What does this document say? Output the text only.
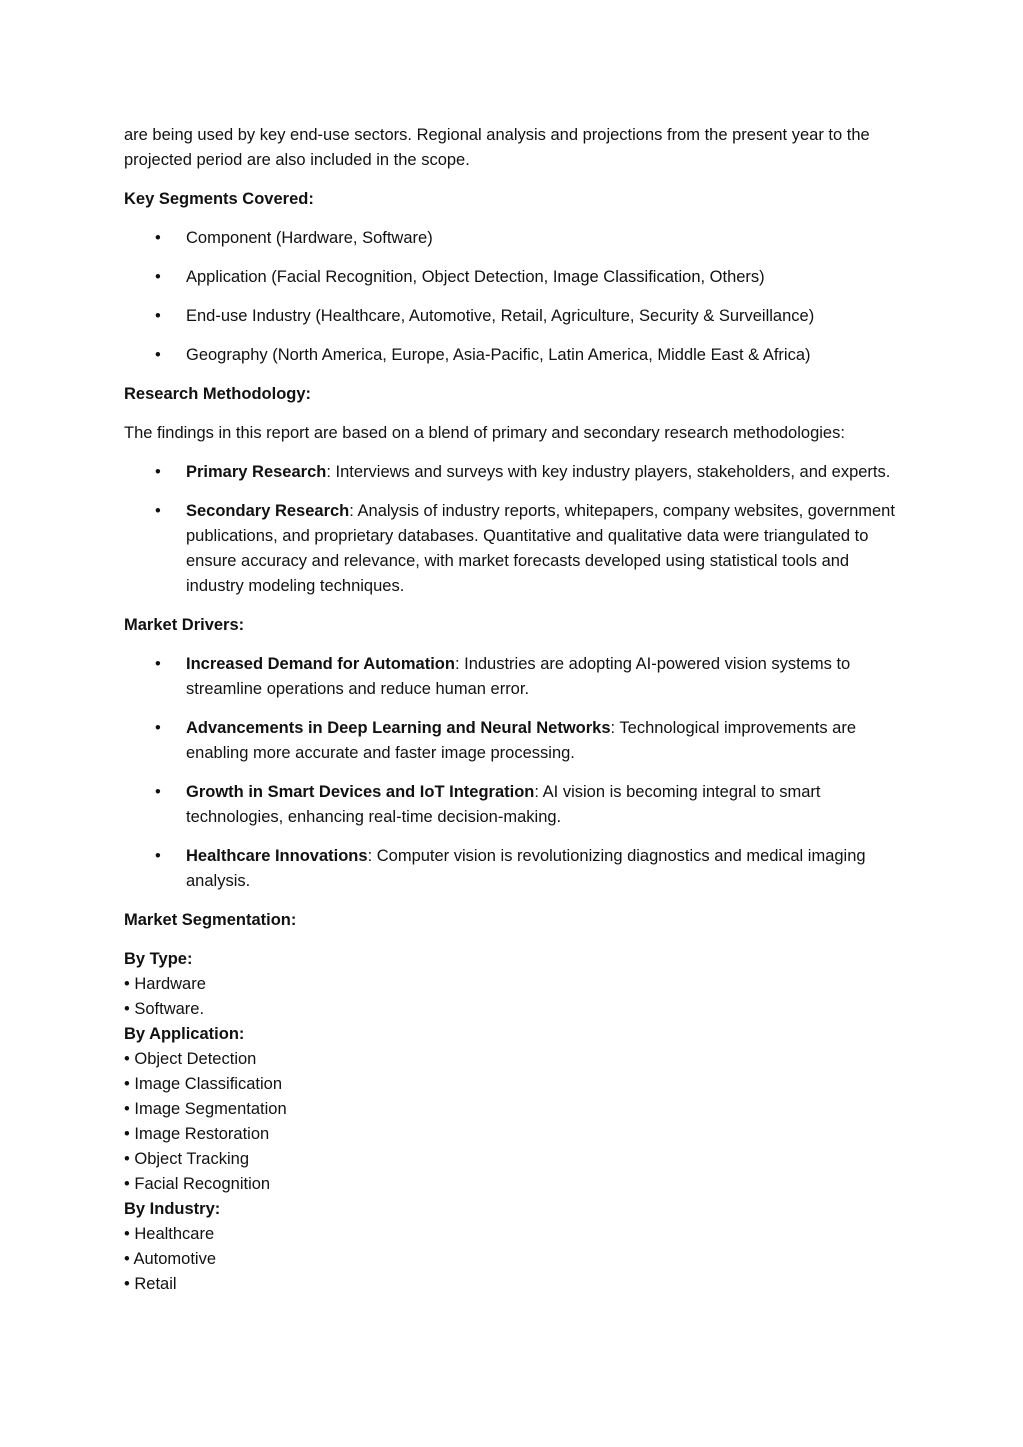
are being used by key end-use sectors. Regional analysis and projections from the present year to the projected period are also included in the scope.

Key Segments Covered:
• Component (Hardware, Software)
• Application (Facial Recognition, Object Detection, Image Classification, Others)
• End-use Industry (Healthcare, Automotive, Retail, Agriculture, Security & Surveillance)
• Geography (North America, Europe, Asia-Pacific, Latin America, Middle East & Africa)
Research Methodology:

The findings in this report are based on a blend of primary and secondary research methodologies:

• Primary Research: Interviews and surveys with key industry players, stakeholders, and experts.
• Secondary Research: Analysis of industry reports, whitepapers, company websites, government publications, and proprietary databases. Quantitative and qualitative data were triangulated to ensure accuracy and relevance, with market forecasts developed using statistical tools and industry modeling techniques.
Market Drivers:
• Increased Demand for Automation: Industries are adopting AI-powered vision systems to streamline operations and reduce human error.
• Advancements in Deep Learning and Neural Networks: Technological improvements are enabling more accurate and faster image processing.
• Growth in Smart Devices and IoT Integration: AI vision is becoming integral to smart technologies, enhancing real-time decision-making.
• Healthcare Innovations: Computer vision is revolutionizing diagnostics and medical imaging analysis.
Market Segmentation:
By Type:
• Hardware
• Software.
By Application:
• Object Detection
• Image Classification
• Image Segmentation
• Image Restoration
• Object Tracking
• Facial Recognition
By Industry:
• Healthcare
• Automotive
• Retail
